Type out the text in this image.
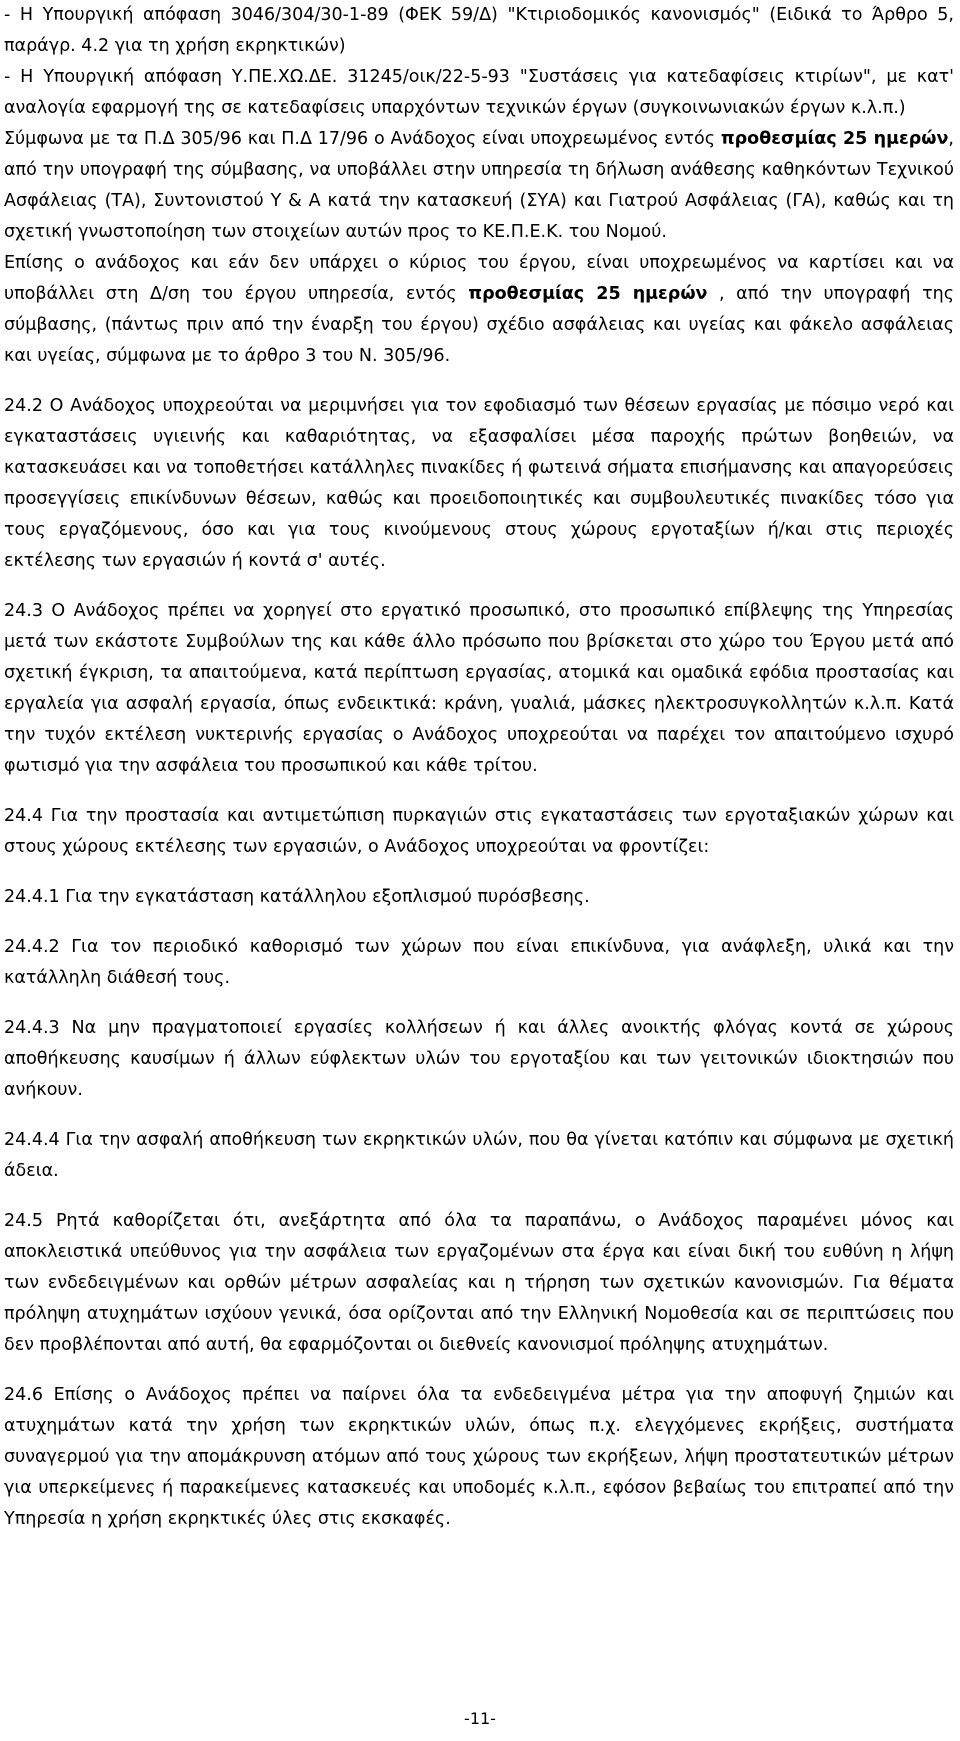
- Η Υπουργική απόφαση 3046/304/30-1-89 (ΦΕΚ 59/Δ) "Κτιριοδομικός κανονισμός" (Ειδικά το Άρθρο 5, παράγρ. 4.2 για τη χρήση εκρηκτικών)

- Η Υπουργική απόφαση Υ.ΠΕ.ΧΩ.ΔΕ. 31245/οικ/22-5-93 "Συστάσεις για κατεδαφίσεις κτιρίων", με κατ' αναλογία εφαρμογή της σε κατεδαφίσεις υπαρχόντων τεχνικών έργων (συγκοινωνιακών έργων κ.λ.π.)

Σύμφωνα με τα Π.Δ 305/96 και Π.Δ 17/96 ο Ανάδοχος είναι υποχρεωμένος εντός προθεσμίας 25 ημερών, από την υπογραφή της σύμβασης, να υποβάλλει στην υπηρεσία τη δήλωση ανάθεσης καθηκόντων Τεχνικού Ασφάλειας (ΤΑ), Συντονιστού Υ & Α κατά την κατασκευή (ΣΥΑ) και Γιατρού Ασφάλειας (ΓΑ), καθώς και τη σχετική γνωστοποίηση των στοιχείων αυτών προς το ΚΕ.Π.Ε.Κ. του Νομού.

Επίσης ο ανάδοχος και εάν δεν υπάρχει ο κύριος του έργου, είναι υποχρεωμένος να καρτίσει και να υποβάλλει στη Δ/ση του έργου υπηρεσία, εντός προθεσμίας 25 ημερών , από την υπογραφή της σύμβασης, (πάντως πριν από την έναρξη του έργου) σχέδιο ασφάλειας και υγείας και φάκελο ασφάλειας και υγείας, σύμφωνα με το άρθρο 3 του Ν. 305/96.

24.2 Ο Ανάδοχος υποχρεούται να μεριμνήσει για τον εφοδιασμό των θέσεων εργασίας με πόσιμο νερό και εγκαταστάσεις υγιεινής και καθαριότητας, να εξασφαλίσει μέσα παροχής πρώτων βοηθειών, να κατασκευάσει και να τοποθετήσει κατάλληλες πινακίδες ή φωτεινά σήματα επισήμανσης και απαγορεύσεις προσεγγίσεις επικίνδυνων θέσεων, καθώς και προειδοποιητικές και συμβουλευτικές πινακίδες τόσο για τους εργαζόμενους, όσο και για τους κινούμενους στους χώρους εργοταξίων ή/και στις περιοχές εκτέλεσης των εργασιών ή κοντά σ' αυτές.

24.3 Ο Ανάδοχος πρέπει να χορηγεί στο εργατικό προσωπικό, στο προσωπικό επίβλεψης της Υπηρεσίας μετά των εκάστοτε Συμβούλων της και κάθε άλλο πρόσωπο που βρίσκεται στο χώρο του Έργου μετά από σχετική έγκριση, τα απαιτούμενα, κατά περίπτωση εργασίας, ατομικά και ομαδικά εφόδια προστασίας και εργαλεία για ασφαλή εργασία, όπως ενδεικτικά: κράνη, γυαλιά, μάσκες ηλεκτροσυγκολλητών κ.λ.π. Κατά την τυχόν εκτέλεση νυκτερινής εργασίας ο Ανάδοχος υποχρεούται να παρέχει τον απαιτούμενο ισχυρό φωτισμό για την ασφάλεια του προσωπικού και κάθε τρίτου.

24.4 Για την προστασία και αντιμετώπιση πυρκαγιών στις εγκαταστάσεις των εργοταξιακών χώρων και στους χώρους εκτέλεσης των εργασιών, ο Ανάδοχος υποχρεούται να φροντίζει:

24.4.1 Για την εγκατάσταση κατάλληλου εξοπλισμού πυρόσβεσης.

24.4.2 Για τον περιοδικό καθορισμό των χώρων που είναι επικίνδυνα, για ανάφλεξη, υλικά και την κατάλληλη διάθεσή τους.

24.4.3 Να μην πραγματοποιεί εργασίες κολλήσεων ή και άλλες ανοικτής φλόγας κοντά σε χώρους αποθήκευσης καυσίμων ή άλλων εύφλεκτων υλών του εργοταξίου και των γειτονικών ιδιοκτησιών που ανήκουν.

24.4.4 Για την ασφαλή αποθήκευση των εκρηκτικών υλών, που θα γίνεται κατόπιν και σύμφωνα με σχετική άδεια.

24.5 Ρητά καθορίζεται ότι, ανεξάρτητα από όλα τα παραπάνω, ο Ανάδοχος παραμένει μόνος και αποκλειστικά υπεύθυνος για την ασφάλεια των εργαζομένων στα έργα και είναι δική του ευθύνη η λήψη των ενδεδειγμένων και ορθών μέτρων ασφαλείας και η τήρηση των σχετικών κανονισμών. Για θέματα πρόληψη ατυχημάτων ισχύουν γενικά, όσα ορίζονται από την Ελληνική Νομοθεσία και σε περιπτώσεις που δεν προβλέπονται από αυτή, θα εφαρμόζονται οι διεθνείς κανονισμοί πρόληψης ατυχημάτων.

24.6 Επίσης ο Ανάδοχος πρέπει να παίρνει όλα τα ενδεδειγμένα μέτρα για την αποφυγή ζημιών και ατυχημάτων κατά την χρήση των εκρηκτικών υλών, όπως π.χ. ελεγχόμενες εκρήξεις, συστήματα συναγερμού για την απομάκρυνση ατόμων από τους χώρους των εκρήξεων, λήψη προστατευτικών μέτρων για υπερκείμενες ή παρακείμενες κατασκευές και υποδομές κ.λ.π., εφόσον βεβαίως του επιτραπεί από την Υπηρεσία η χρήση εκρηκτικές ύλες στις εκσκαφές.

-11-
